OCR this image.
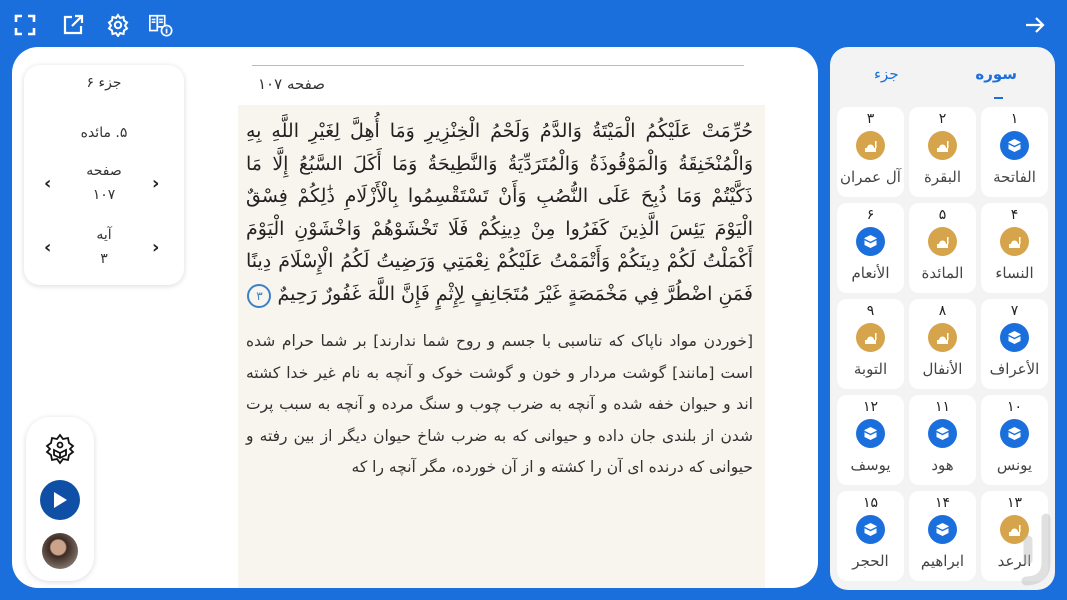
جزء ۶
۵. مائده
صفحه
۱۰۷
‹	›
آیه
۳
‹	›
صفحه ۱۰۷
حُرِّمَتْ عَلَيْكُمُ الْمَيْتَةُ وَالدَّمُ وَلَحْمُ الْخِنْزِيرِ وَمَا أُهِلَّ لِغَيْرِ اللَّهِ بِهِ وَالْمُنْخَنِقَةُ وَالْمَوْقُوذَةُ وَالْمُتَرَدِّيَةُ وَالنَّطِيحَةُ وَمَا أَكَلَ السَّبُعُ إِلَّا مَا ذَكَّيْتُمْ وَمَا ذُبِحَ عَلَى النُّصُبِ وَأَنْ تَسْتَقْسِمُوا بِالْأَزْلَامِ ذَٰلِكُمْ فِسْقٌ الْيَوْمَ يَئِسَ الَّذِينَ كَفَرُوا مِنْ دِينِكُمْ فَلَا تَخْشَوْهُمْ وَاخْشَوْنِ الْيَوْمَ أَكْمَلْتُ لَكُمْ دِينَكُمْ وَأَتْمَمْتُ عَلَيْكُمْ نِعْمَتِي وَرَضِيتُ لَكُمُ الْإِسْلَامَ دِينًا فَمَنِ اضْطُرَّ فِي مَخْمَصَةٍ غَيْرَ مُتَجَانِفٍ لِإِثْمٍ فَإِنَّ اللَّهَ غَفُورٌ رَحِيمٌ ۳
[خوردن مواد ناپاک که تناسبی با جسم و روح شما ندارند] بر شما حرام شده است [مانند] گوشت مردار و خون و گوشت خوک و آنچه به نام غیر خدا کشته اند و حیوان خفه شده و آنچه به ضرب چوب و سنگ مرده و آنچه به سبب پرت شدن از بلندی جان داده و حیوانی که به ضرب شاخ حیوان دیگر از بین رفته و حیوانی که درنده ای آن را کشته و از آن خورده، مگر آنچه را که
سوره
جزء
۱
الفاتحة
۲
البقرة
۳
آل عمران
۴
النساء
۵
المائدة
۶
الأنعام
۷
الأعراف
۸
الأنفال
۹
التوبة
۱۰
يونس
۱۱
هود
۱۲
يوسف
۱۳
الرعد
۱۴
ابراهيم
۱۵
الحجر
